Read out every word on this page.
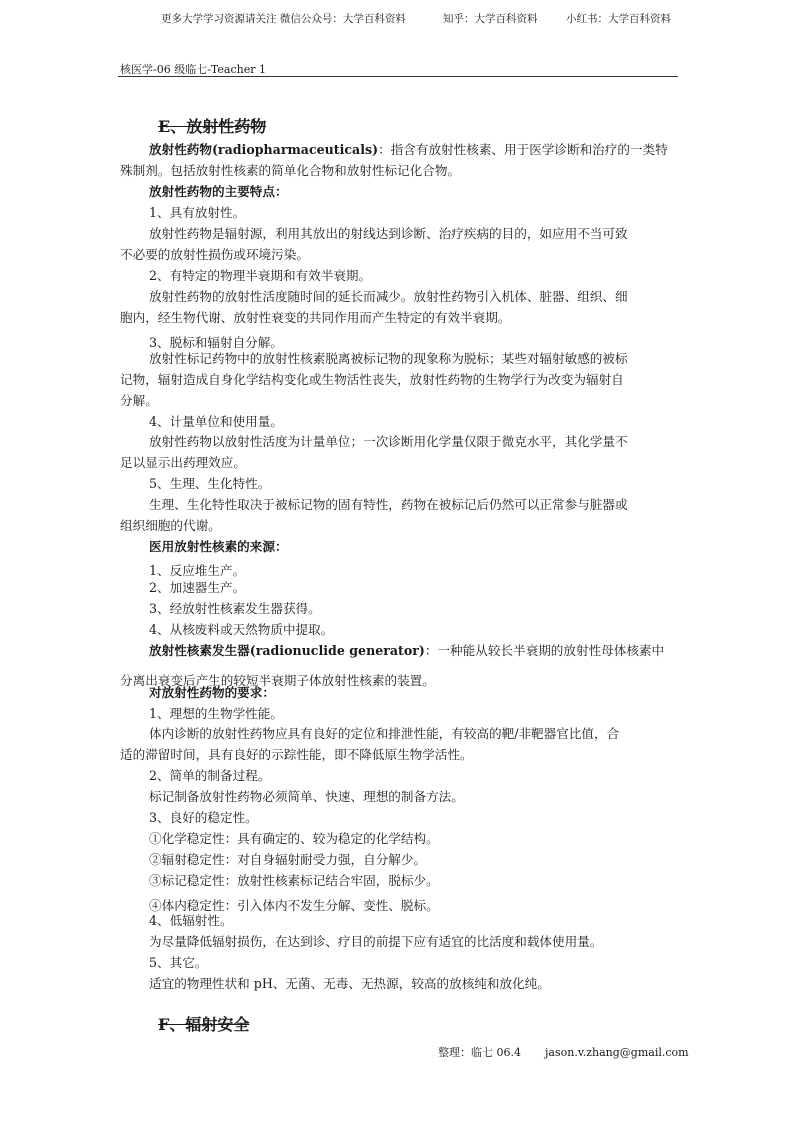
更多大学学习资源请关注 微信公众号：大学百科资料	知乎：大学百科资料	小红书：大学百科资料
核医学-06 级临七-Teacher 1
E、放射性药物
放射性药物(radiopharmaceuticals)：指含有放射性核素、用于医学诊断和治疗的一类特
殊制剂。包括放射性核素的简单化合物和放射性标记化合物。
放射性药物的主要特点：
1、具有放射性。
放射性药物是辐射源，利用其放出的射线达到诊断、治疗疾病的目的，如应用不当可致
不必要的放射性损伤或环境污染。
2、有特定的物理半衰期和有效半衰期。
放射性药物的放射性活度随时间的延长而减少。放射性药物引入机体、脏器、组织、细
胞内，经生物代谢、放射性衰变的共同作用而产生特定的有效半衰期。
3、脱标和辐射自分解。
放射性标记药物中的放射性核素脱离被标记物的现象称为脱标；某些对辐射敏感的被标
记物，辐射造成自身化学结构变化或生物活性丧失，放射性药物的生物学行为改变为辐射自
分解。
4、计量单位和使用量。
放射性药物以放射性活度为计量单位；一次诊断用化学量仅限于微克水平，其化学量不
足以显示出药理效应。
5、生理、生化特性。
生理、生化特性取决于被标记物的固有特性，药物在被标记后仍然可以正常参与脏器或
组织细胞的代谢。
医用放射性核素的来源：
1、反应堆生产。
2、加速器生产。
3、经放射性核素发生器获得。
4、从核废料或天然物质中提取。
放射性核素发生器(radionuclide generator)：一种能从较长半衰期的放射性母体核素中
分离出衰变后产生的较短半衰期子体放射性核素的装置。
对放射性药物的要求：
1、理想的生物学性能。
体内诊断的放射性药物应具有良好的定位和排泄性能，有较高的靶/非靶器官比值，合
适的滞留时间，具有良好的示踪性能，即不降低原生物学活性。
2、简单的制备过程。
标记制备放射性药物必须简单、快速、理想的制备方法。
3、良好的稳定性。
①化学稳定性：具有确定的、较为稳定的化学结构。
②辐射稳定性：对自身辐射耐受力强，自分解少。
③标记稳定性：放射性核素标记结合牢固，脱标少。
④体内稳定性：引入体内不发生分解、变性、脱标。
4、低辐射性。
为尽量降低辐射损伤，在达到诊、疗目的前提下应有适宜的比活度和载体使用量。
5、其它。
适宜的物理性状和 pH、无菌、无毒、无热源，较高的放核纯和放化纯。
F、辐射安全
整理：临七 06.4 jason.v.zhang@gmail.com
